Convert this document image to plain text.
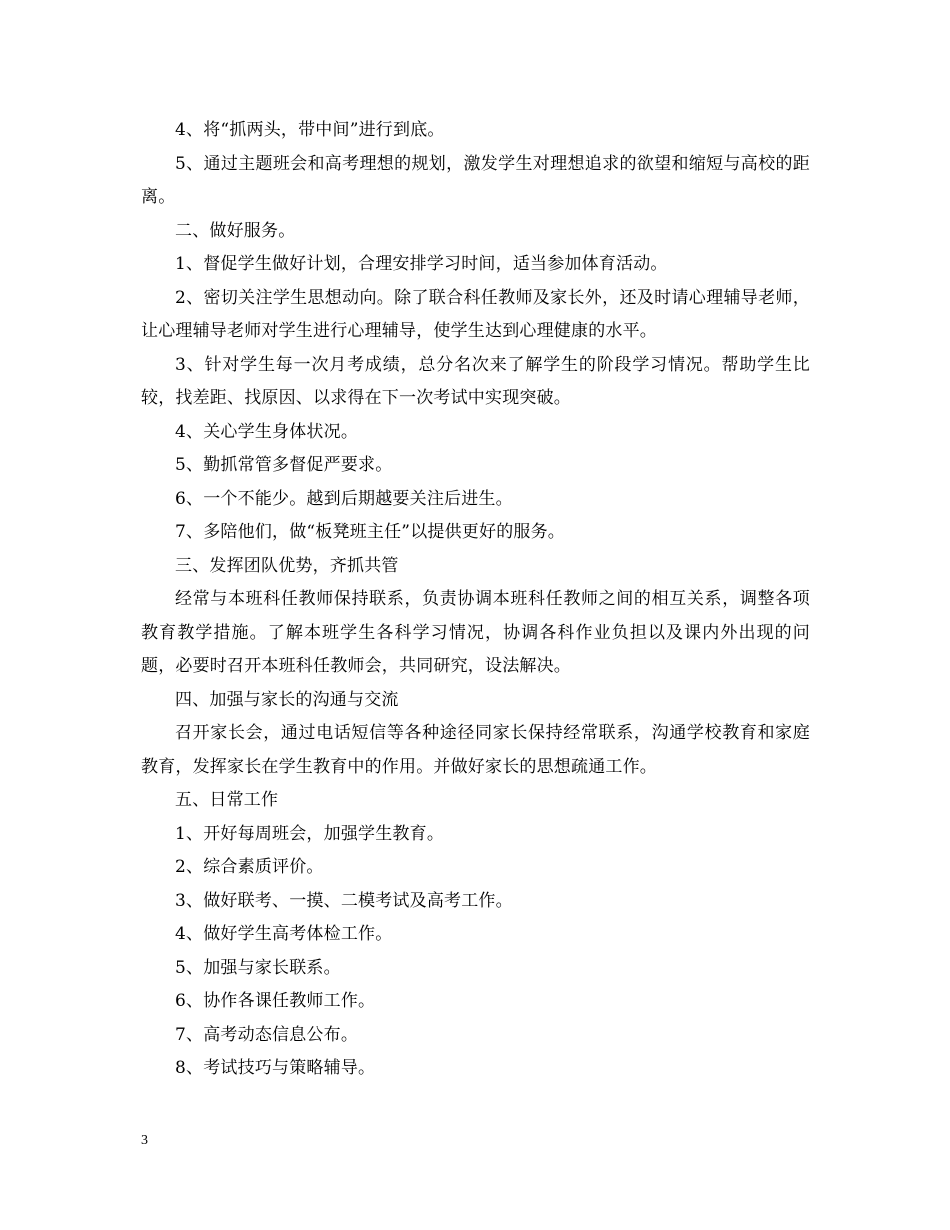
4、将“抓两头，带中间”进行到底。

5、通过主题班会和高考理想的规划，激发学生对理想追求的欲望和缩短与高校的距离。

二、做好服务。

1、督促学生做好计划，合理安排学习时间，适当参加体育活动。

2、密切关注学生思想动向。除了联合科任教师及家长外，还及时请心理辅导老师，让心理辅导老师对学生进行心理辅导，使学生达到心理健康的水平。

3、针对学生每一次月考成绩，总分名次来了解学生的阶段学习情况。帮助学生比较，找差距、找原因、以求得在下一次考试中实现突破。

4、关心学生身体状况。

5、勤抓常管多督促严要求。

6、一个不能少。越到后期越要关注后进生。

7、多陪他们，做“板凳班主任”以提供更好的服务。

三、发挥团队优势，齐抓共管

经常与本班科任教师保持联系，负责协调本班科任教师之间的相互关系，调整各项教育教学措施。了解本班学生各科学习情况，协调各科作业负担以及课内外出现的问题，必要时召开本班科任教师会，共同研究，设法解决。

四、加强与家长的沟通与交流

召开家长会，通过电话短信等各种途径同家长保持经常联系，沟通学校教育和家庭教育，发挥家长在学生教育中的作用。并做好家长的思想疏通工作。

五、日常工作

1、开好每周班会，加强学生教育。

2、综合素质评价。

3、做好联考、一摸、二模考试及高考工作。

4、做好学生高考体检工作。

5、加强与家长联系。

6、协作各课任教师工作。

7、高考动态信息公布。

8、考试技巧与策略辅导。

3
